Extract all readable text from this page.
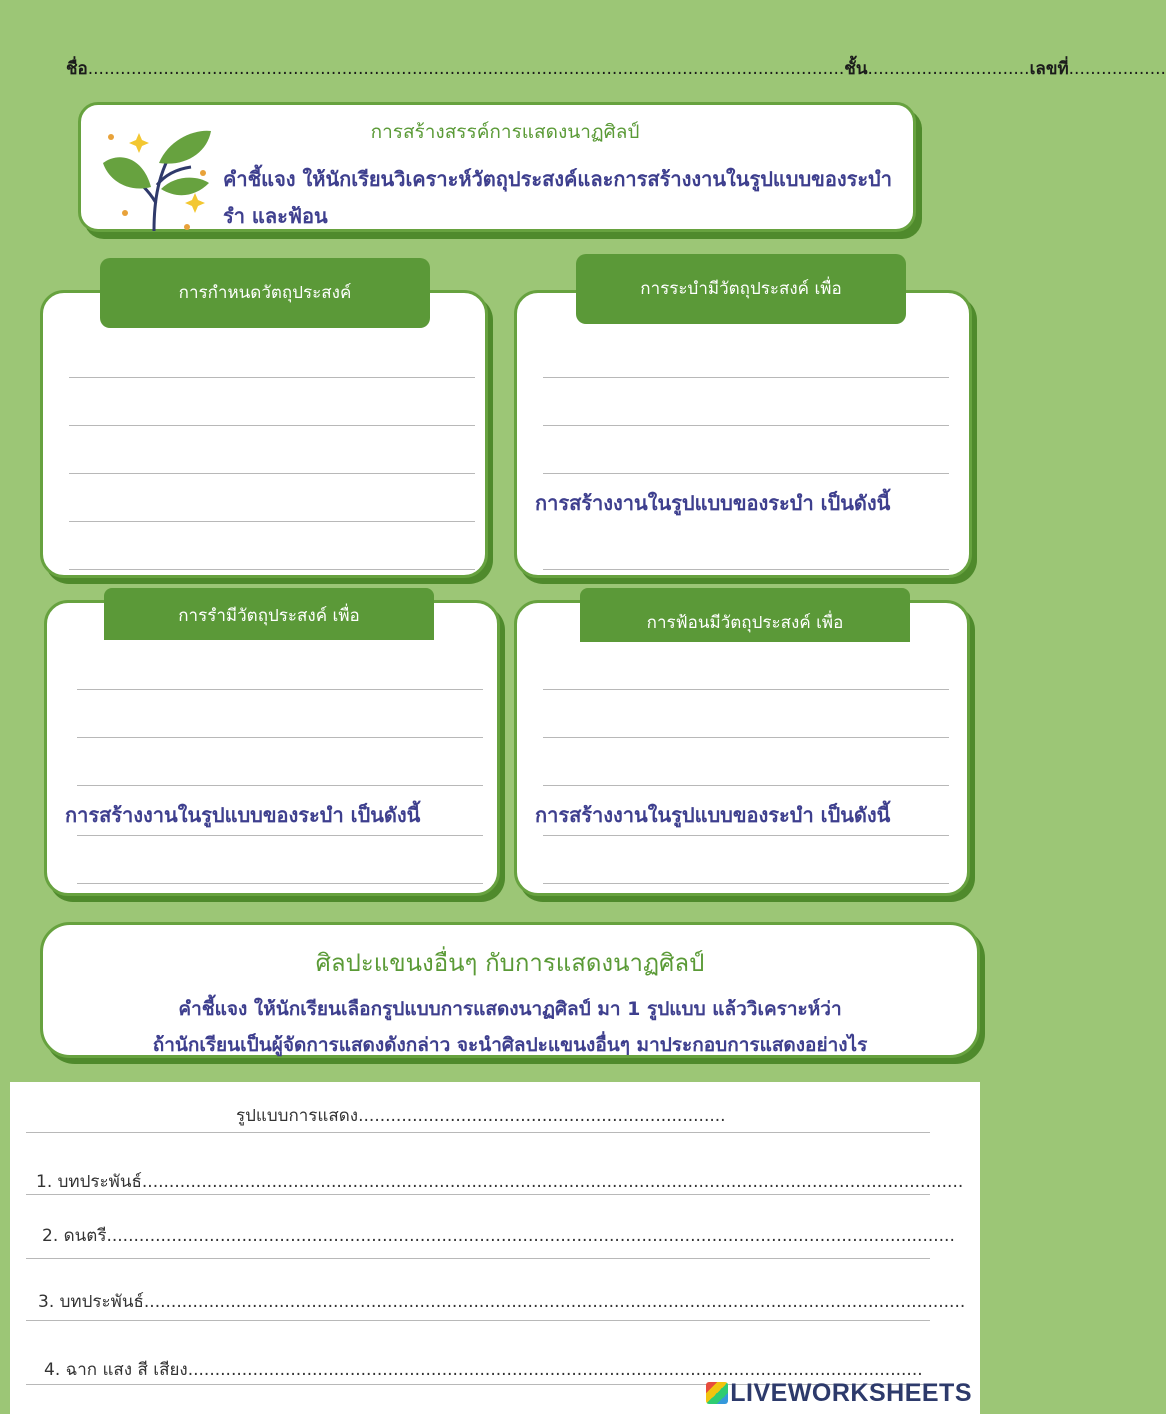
ชื่อ............................................................................................................................................ชั้น..............................เลขที่..................
การสร้างสรรค์การแสดงนาฏศิลป์
คำชี้แจง ให้นักเรียนวิเคราะห์วัตถุประสงค์และการสร้างงานในรูปแบบของระบำ รำ และฟ้อน
การกำหนดวัตถุประสงค์
การสร้างงานในรูปแบบของระบำ เป็นดังนี้
การระบำมีวัตถุประสงค์ เพื่อ
การสร้างงานในรูปแบบของระบำ เป็นดังนี้
การรำมีวัตถุประสงค์ เพื่อ
การสร้างงานในรูปแบบของระบำ เป็นดังนี้
การฟ้อนมีวัตถุประสงค์ เพื่อ
ศิลปะแขนงอื่นๆ กับการแสดงนาฏศิลป์
คำชี้แจง ให้นักเรียนเลือกรูปแบบการแสดงนาฏศิลป์ มา 1 รูปแบบ แล้ววิเคราะห์ว่า
ถ้านักเรียนเป็นผู้จัดการแสดงดังกล่าว จะนำศิลปะแขนงอื่นๆ มาประกอบการแสดงอย่างไร
รูปแบบการแสดง....................................................................
1. บทประพันธ์........................................................................................................................................................
2. ดนตรี.............................................................................................................................................................
3. บทประพันธ์........................................................................................................................................................
4. ฉาก แสง สี เสียง........................................................................................................................................
LIVEWORKSHEETS
